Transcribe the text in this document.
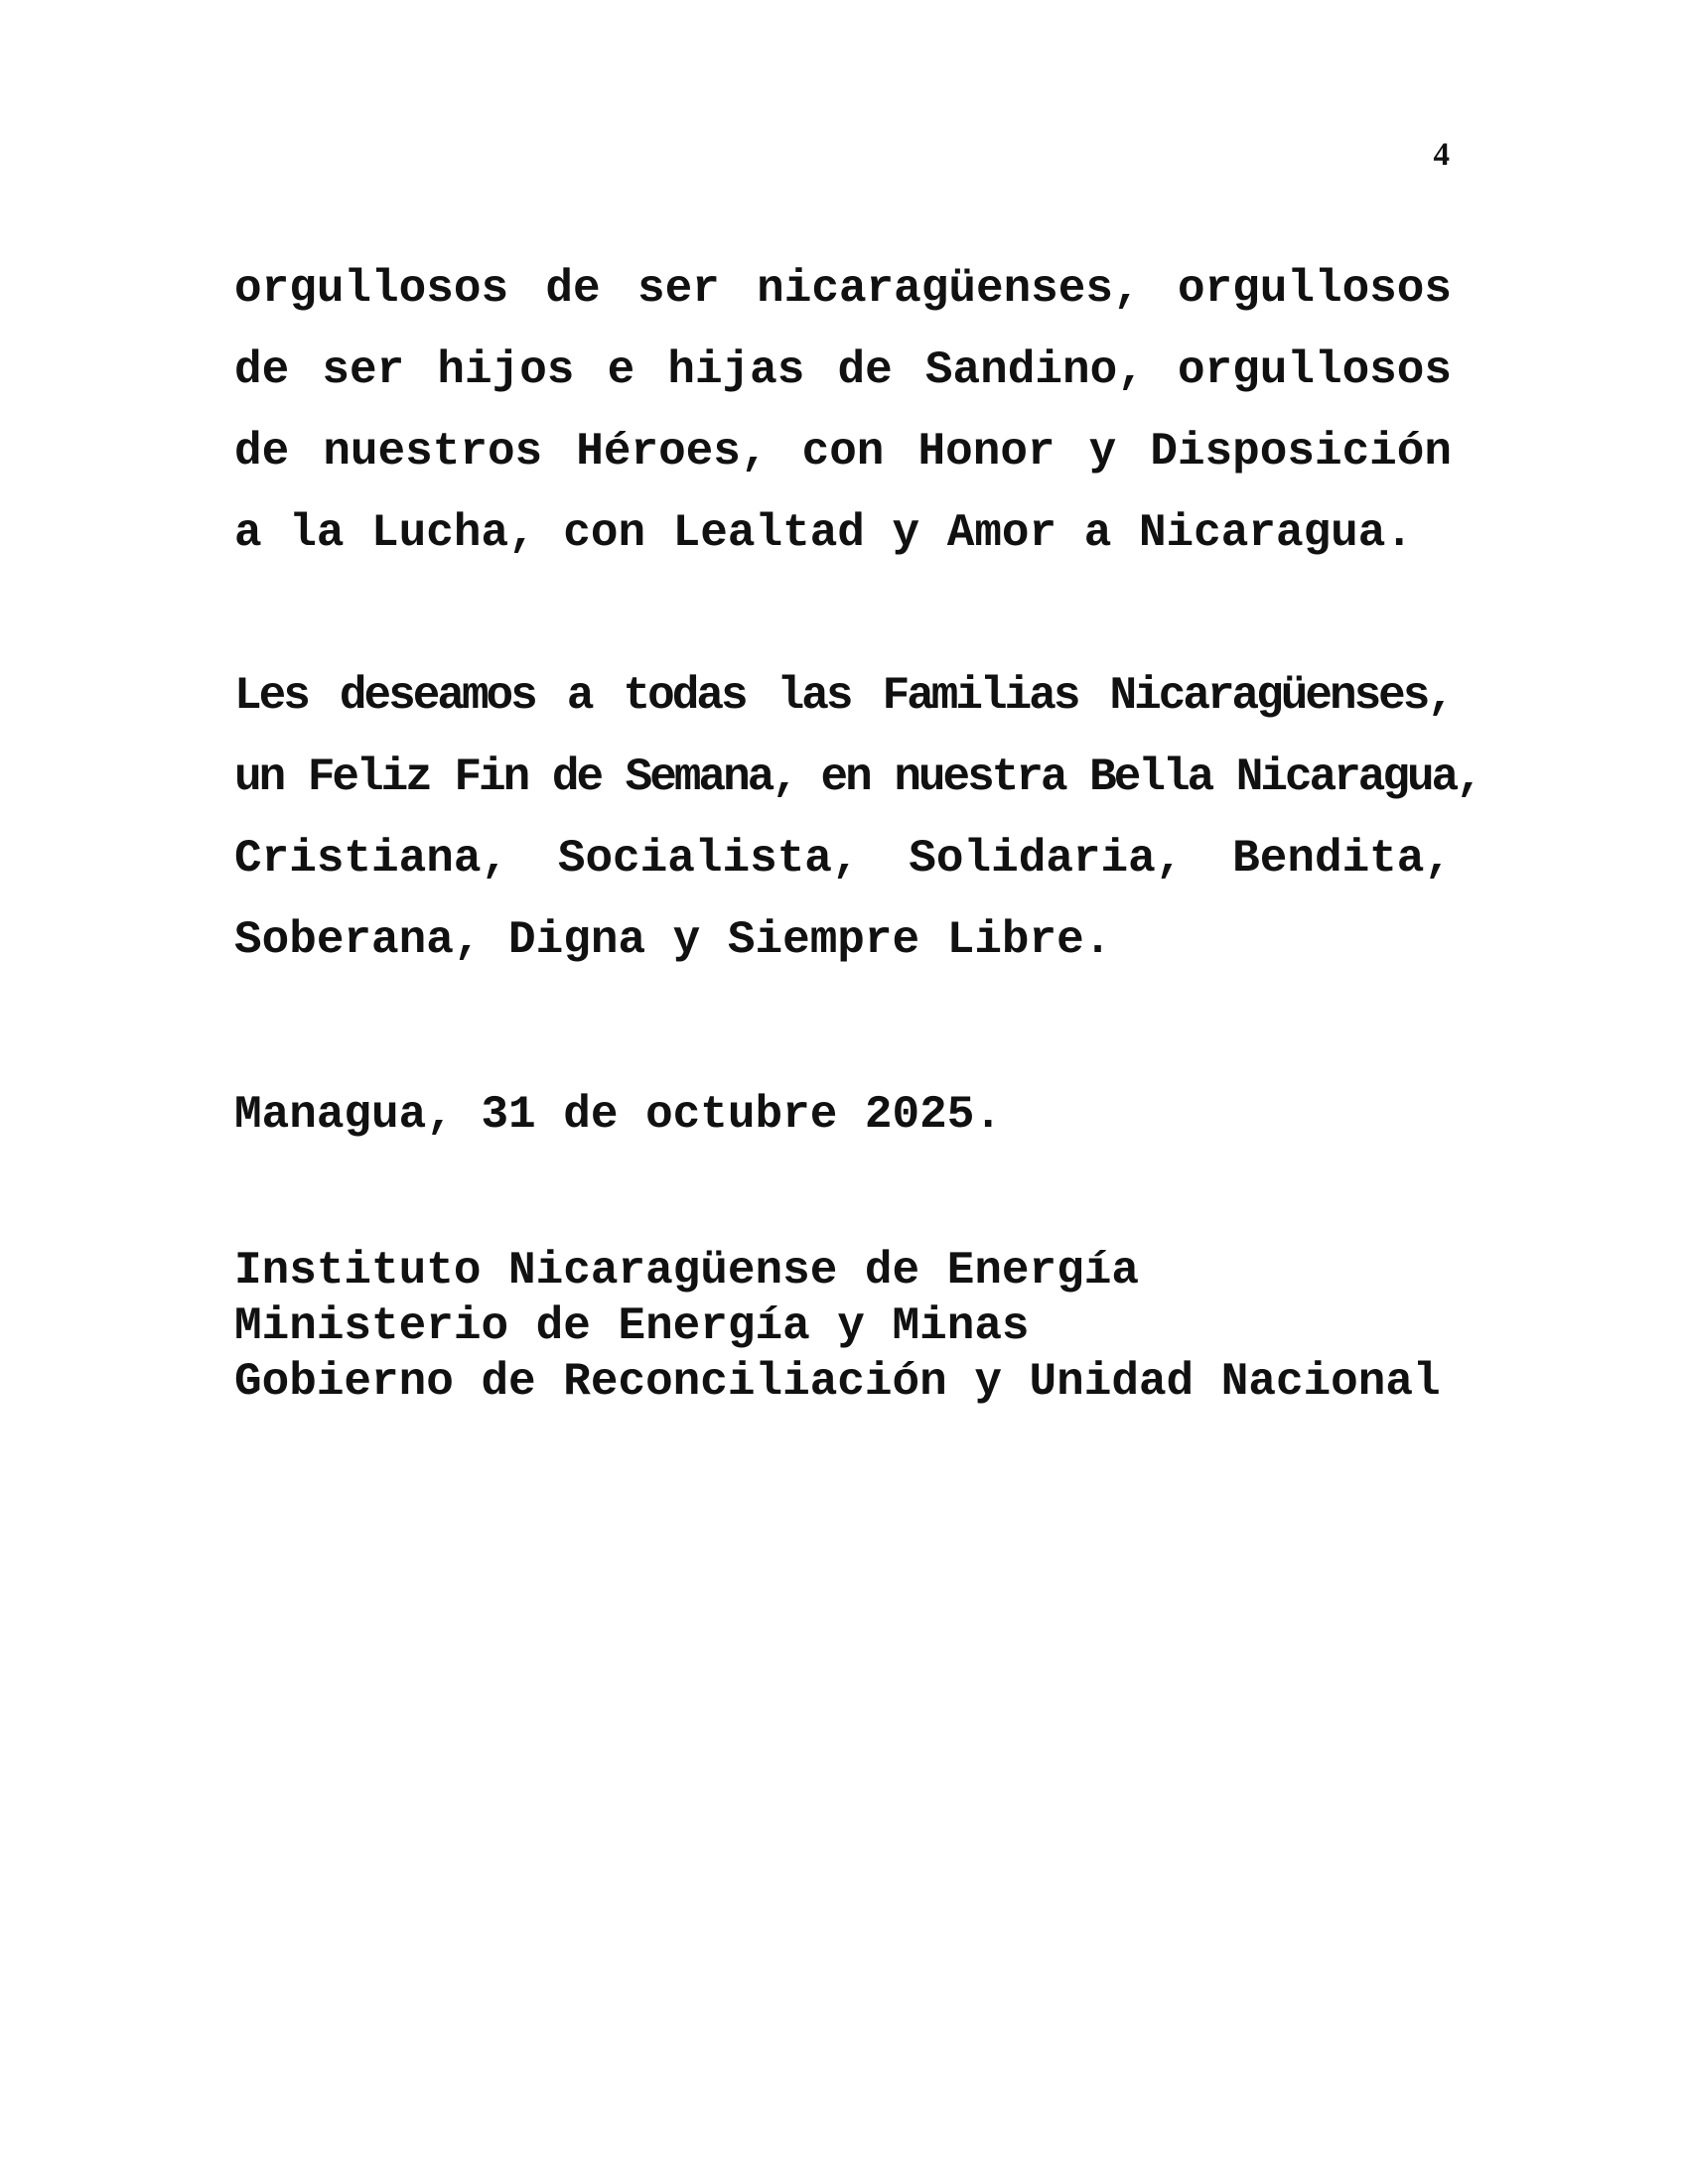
4
orgullosos de ser nicaragüenses, orgullosos
de ser hijos e hijas de Sandino, orgullosos
de nuestros Héroes, con Honor y Disposición
a la Lucha, con Lealtad y Amor a Nicaragua.
Les deseamos a todas las Familias Nicaragüenses,
un Feliz Fin de Semana, en nuestra Bella Nicaragua,
Cristiana, Socialista, Solidaria, Bendita,
Soberana, Digna y Siempre Libre.
Managua, 31 de octubre 2025.
Instituto Nicaragüense de Energía
Ministerio de Energía y Minas
Gobierno de Reconciliación y Unidad Nacional
